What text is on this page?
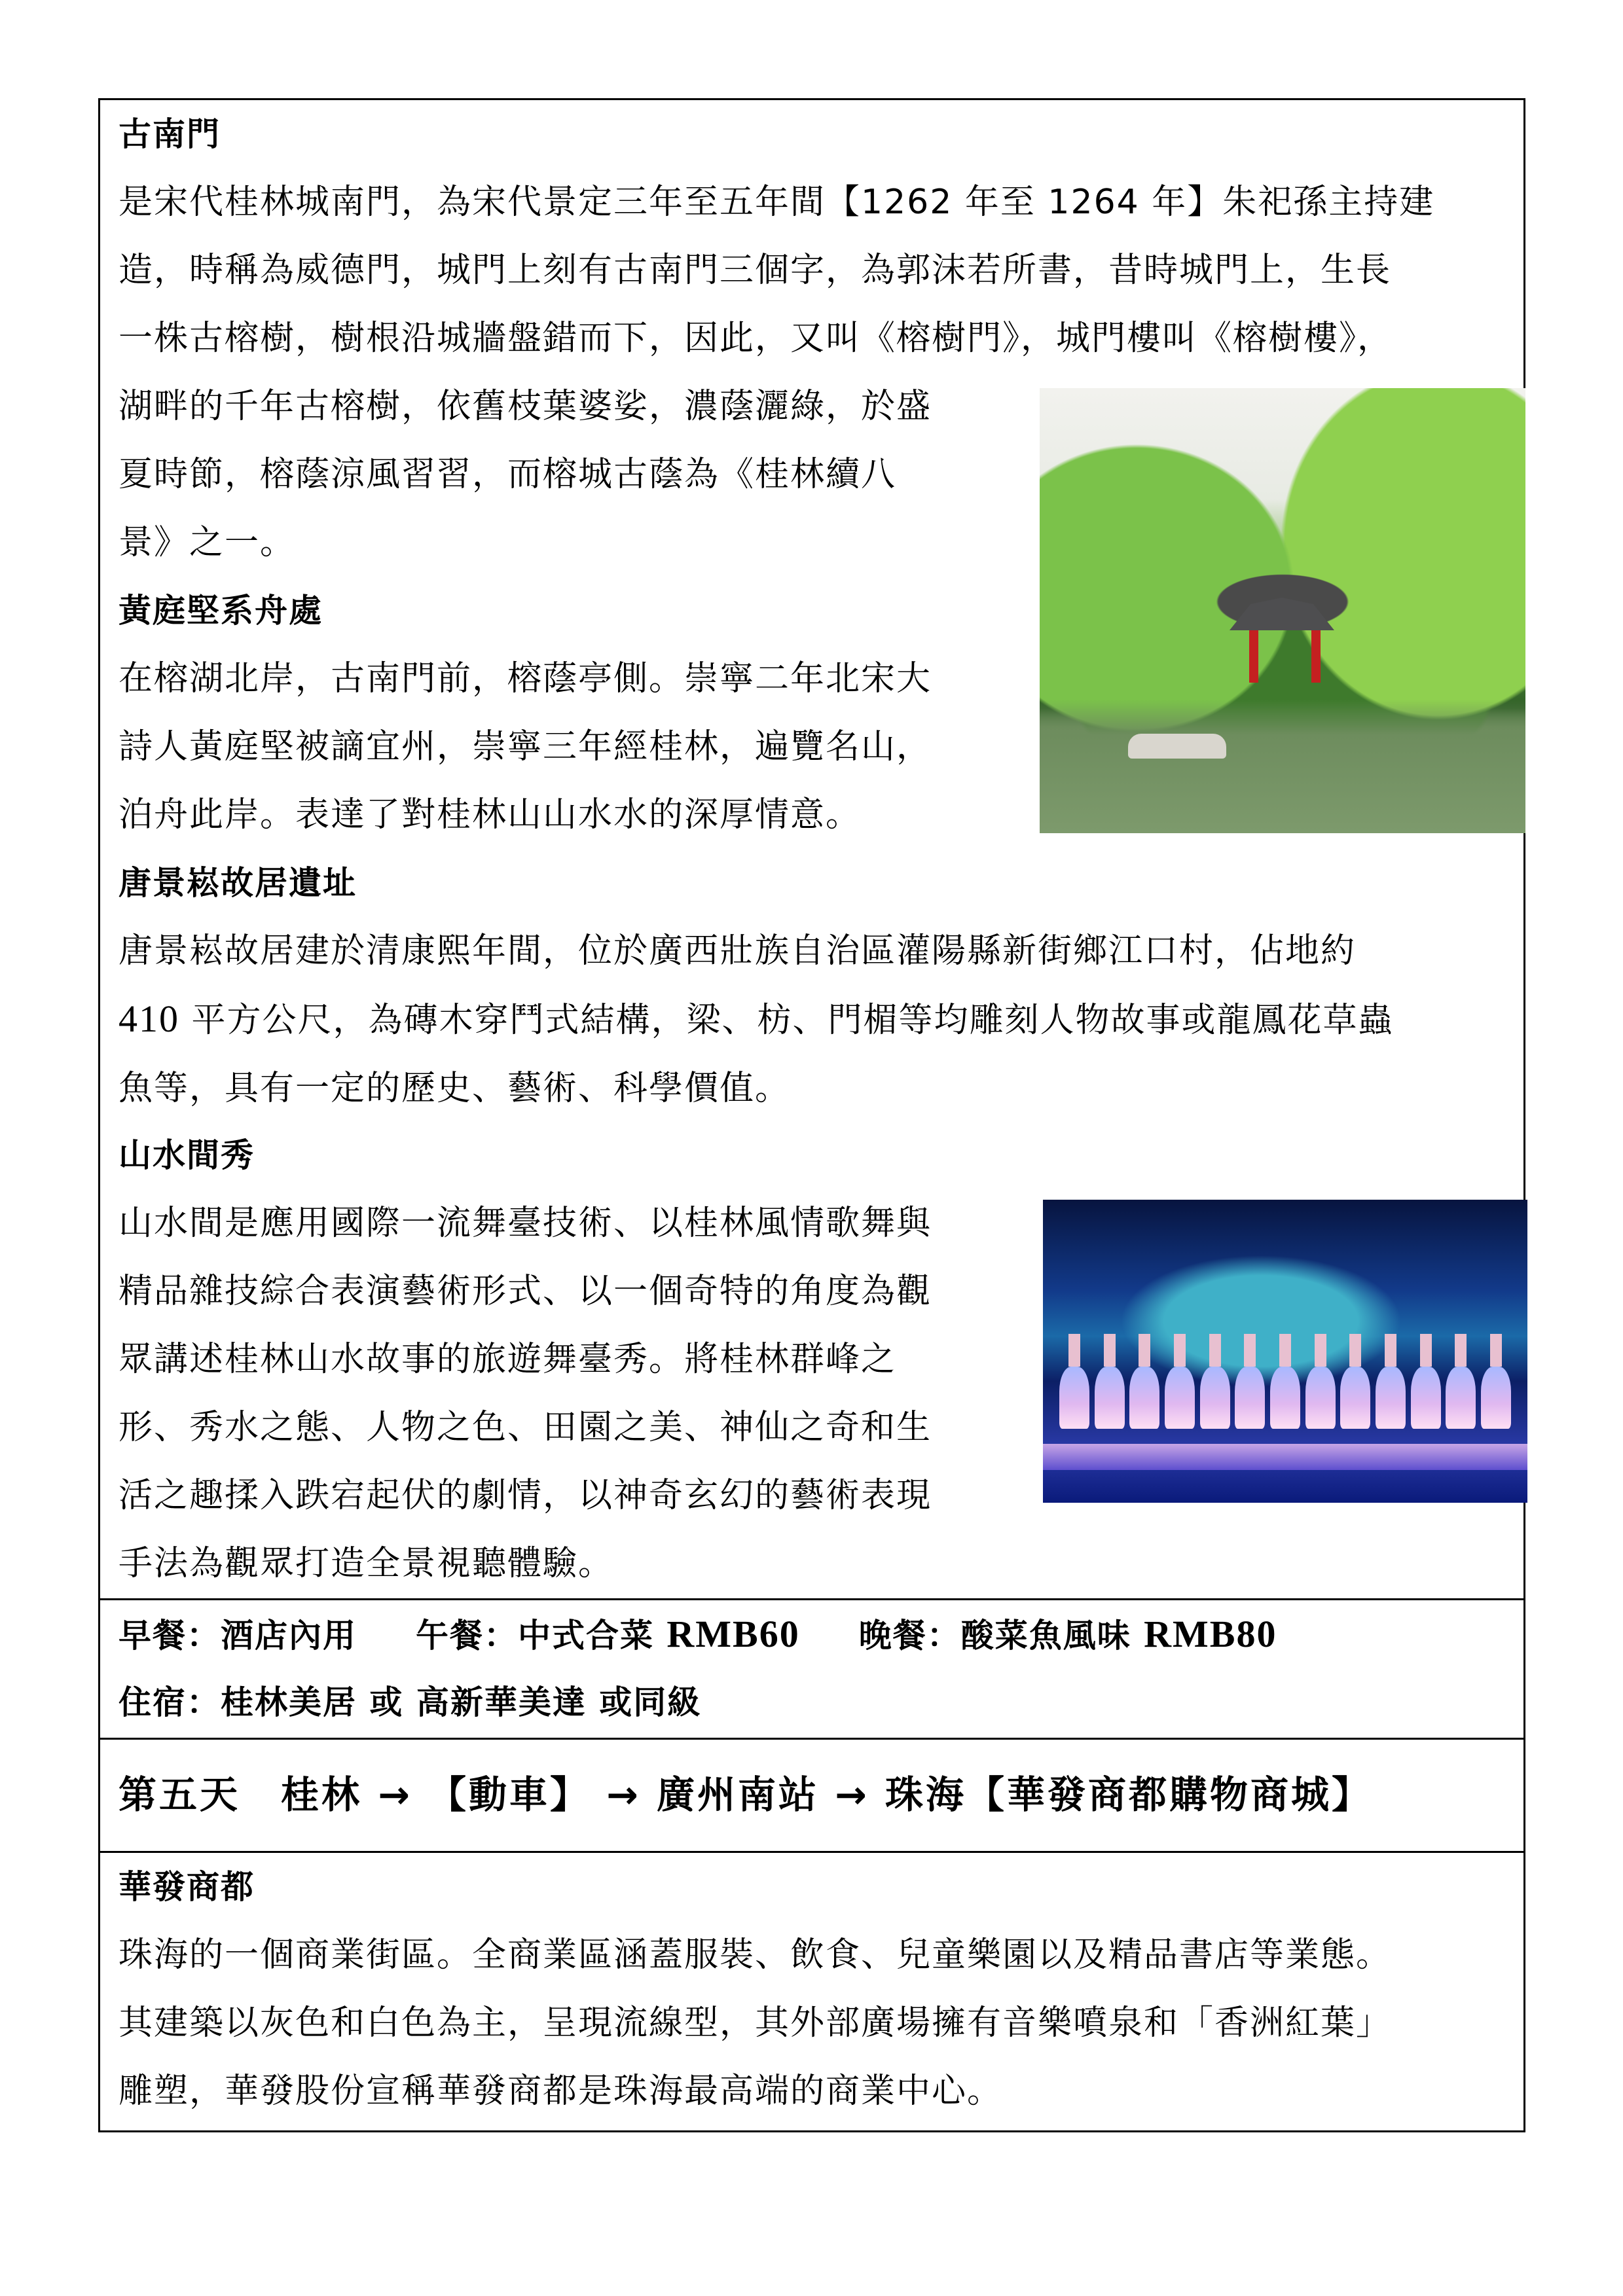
古南門
是宋代桂林城南門，為宋代景定三年至五年間【1262 年至 1264 年】朱祀孫主持建
造，時稱為威德門，城門上刻有古南門三個字，為郭沫若所書，昔時城門上，生長
一株古榕樹，樹根沿城牆盤錯而下，因此，又叫《榕樹門》，城門樓叫《榕樹樓》，
湖畔的千年古榕樹，依舊枝葉婆娑，濃蔭灑綠，於盛
夏時節，榕蔭涼風習習，而榕城古蔭為《桂林續八
景》之一。
黃庭堅系舟處
在榕湖北岸，古南門前，榕蔭亭側。崇寧二年北宋大
詩人黃庭堅被謫宜州，崇寧三年經桂林，遍覽名山，
泊舟此岸。表達了對桂林山山水水的深厚情意。
唐景崧故居遺址
唐景崧故居建於清康熙年間，位於廣西壯族自治區灌陽縣新街鄉江口村，佔地約
410 平方公尺，為磚木穿鬥式結構，梁、枋、門楣等均雕刻人物故事或龍鳳花草蟲
魚等，具有一定的歷史、藝術、科學價值。
山水間秀
山水間是應用國際一流舞臺技術、以桂林風情歌舞與
精品雜技綜合表演藝術形式、以一個奇特的角度為觀
眾講述桂林山水故事的旅遊舞臺秀。將桂林群峰之
形、秀水之態、人物之色、田園之美、神仙之奇和生
活之趣揉入跌宕起伏的劇情，以神奇玄幻的藝術表現
手法為觀眾打造全景視聽體驗。
早餐：酒店內用 午餐：中式合菜 RMB60 晚餐：酸菜魚風味 RMB80
住宿：桂林美居 或 高新華美達 或同級
第五天　桂林 → 【動車】 → 廣州南站 → 珠海【華發商都購物商城】
華發商都
珠海的一個商業街區。全商業區涵蓋服裝、飲食、兒童樂園以及精品書店等業態。
其建築以灰色和白色為主，呈現流線型，其外部廣場擁有音樂噴泉和「香洲紅葉」
雕塑，華發股份宣稱華發商都是珠海最高端的商業中心。
